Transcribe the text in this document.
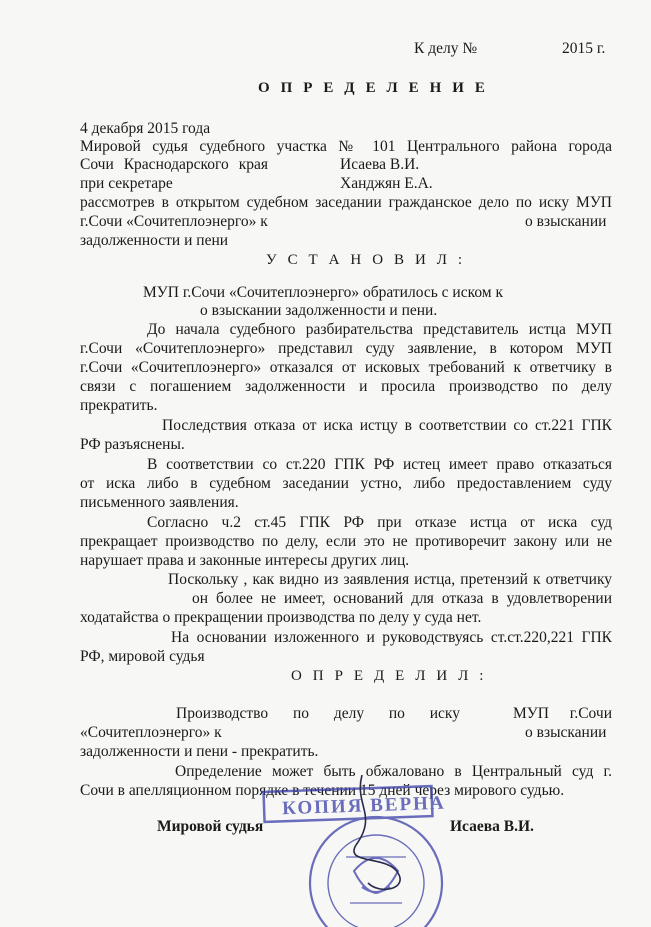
К делу №	2015 г.
О П Р Е Д Е Л Е Н И Е
4 декабря 2015 года
Мировой судья судебного участка № 101 Центрального района города
Сочи Краснодарского края	Исаева В.И.
при секретаре	Ханджян Е.А.
рассмотрев в открытом судебном заседании гражданское дело по иску МУП
г.Сочи «Сочитеплоэнерго» к	о взыскании
задолженности и пени
У С Т А Н О В И Л :
МУП г.Сочи «Сочитеплоэнерго» обратилось с иском к
о взыскании задолженности и пени.
До начала судебного разбирательства представитель истца МУП
г.Сочи «Сочитеплоэнерго» представил суду заявление, в котором МУП
г.Сочи «Сочитеплоэнерго» отказался от исковых требований к ответчику в
связи с погашением задолженности и просила производство по делу
прекратить.
Последствия отказа от иска истцу в соответствии со ст.221 ГПК
РФ разъяснены.
В соответствии со ст.220 ГПК РФ истец имеет право отказаться
от иска либо в судебном заседании устно, либо предоставлением суду
письменного заявления.
Согласно ч.2 ст.45 ГПК РФ при отказе истца от иска суд
прекращает производство по делу, если это не противоречит закону или не
нарушает права и законные интересы других лиц.
Поскольку , как видно из заявления истца, претензий к ответчику
он более не имеет, оснований для отказа в удовлетворении
ходатайства о прекращении производства по делу у суда нет.
На основании изложенного и руководствуясь ст.ст.220,221 ГПК
РФ, мировой судья
О П Р Е Д Е Л И Л :
Производство по делу по иску	МУП г.Сочи
«Сочитеплоэнерго» к	о взыскании
задолженности и пени - прекратить.
Определение может быть обжаловано в Центральный суд г.
Сочи в апелляционном порядке в течении 15 дней через мирового судью.
Мировой судья	Исаева В.И.
КОПИЯ ВЕРНА
